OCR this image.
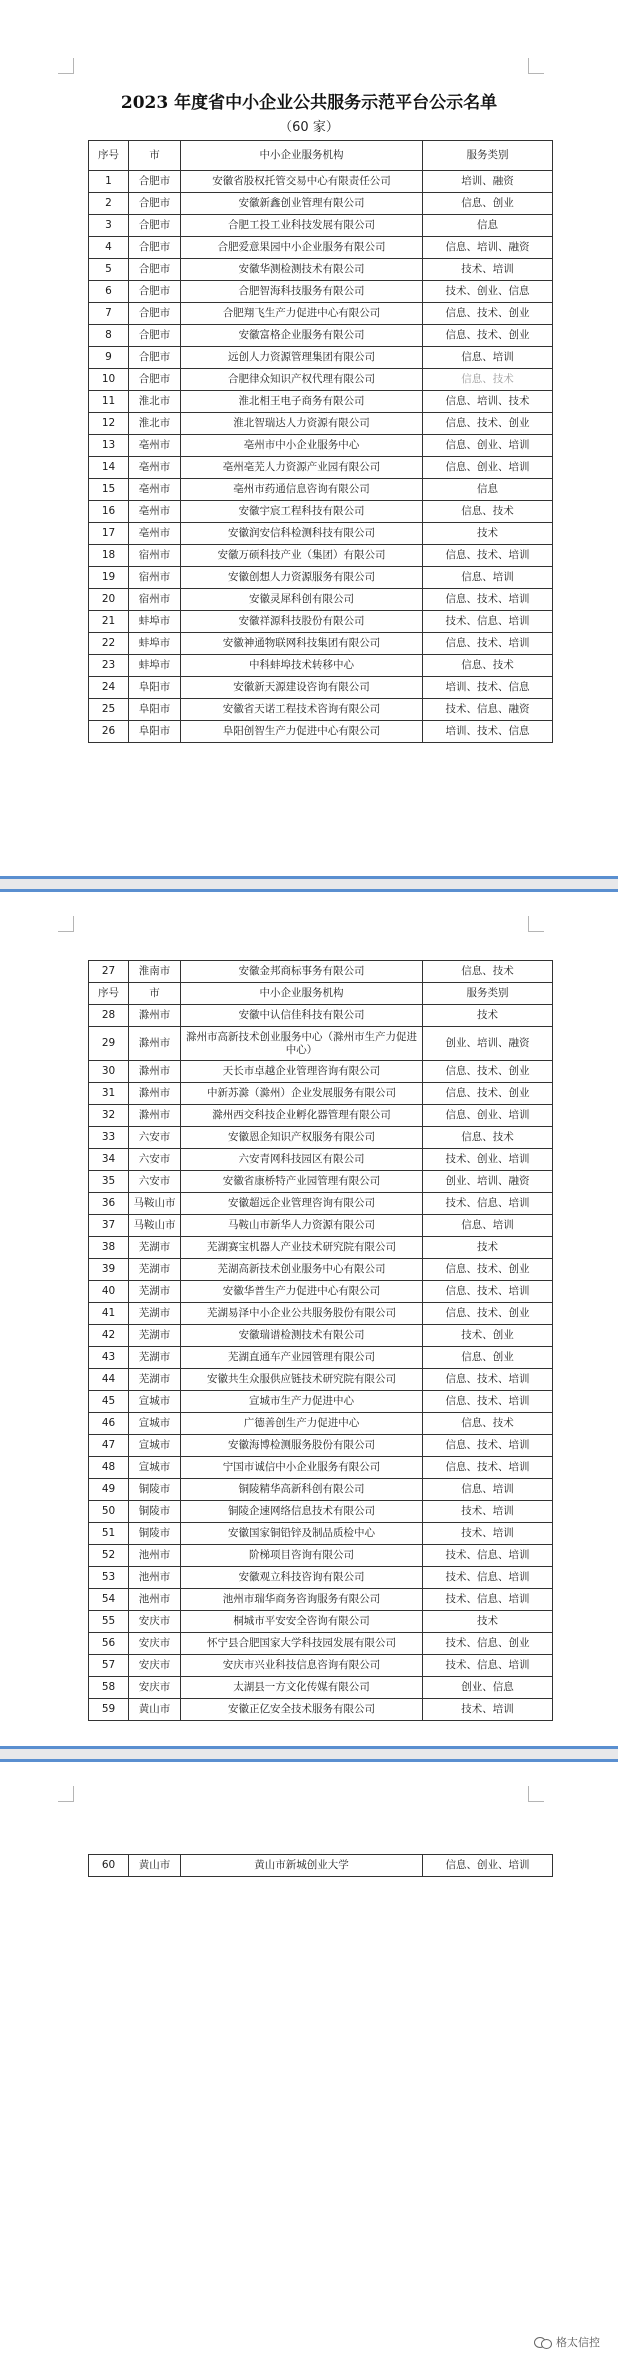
2023 年度省中小企业公共服务示范平台公示名单
（60 家）
序号	市	中小企业服务机构	服务类别
1	合肥市	安徽省股权托管交易中心有限责任公司	培训、融资
2	合肥市	安徽新鑫创业管理有限公司	信息、创业
3	合肥市	合肥工投工业科技发展有限公司	信息
4	合肥市	合肥爱意果园中小企业服务有限公司	信息、培训、融资
5	合肥市	安徽华测检测技术有限公司	技术、培训
6	合肥市	合肥智海科技服务有限公司	技术、创业、信息
7	合肥市	合肥翔飞生产力促进中心有限公司	信息、技术、创业
8	合肥市	安徽富格企业服务有限公司	信息、技术、创业
9	合肥市	远创人力资源管理集团有限公司	信息、培训
10	合肥市	合肥律众知识产权代理有限公司	信息、技术
11	淮北市	淮北相王电子商务有限公司	信息、培训、技术
12	淮北市	淮北智瑞达人力资源有限公司	信息、技术、创业
13	亳州市	亳州市中小企业服务中心	信息、创业、培训
14	亳州市	亳州亳芜人力资源产业园有限公司	信息、创业、培训
15	亳州市	亳州市药通信息咨询有限公司	信息
16	亳州市	安徽宇宸工程科技有限公司	信息、技术
17	亳州市	安徽润安信科检测科技有限公司	技术
18	宿州市	安徽万硕科技产业（集团）有限公司	信息、技术、培训
19	宿州市	安徽创想人力资源服务有限公司	信息、培训
20	宿州市	安徽灵犀科创有限公司	信息、技术、培训
21	蚌埠市	安徽祥源科技股份有限公司	技术、信息、培训
22	蚌埠市	安徽神通物联网科技集团有限公司	信息、技术、培训
23	蚌埠市	中科蚌埠技术转移中心	信息、技术
24	阜阳市	安徽新天源建设咨询有限公司	培训、技术、信息
25	阜阳市	安徽省天诺工程技术咨询有限公司	技术、信息、融资
26	阜阳市	阜阳创智生产力促进中心有限公司	培训、技术、信息
27	淮南市	安徽金邦商标事务有限公司	信息、技术
序号	市	中小企业服务机构	服务类别
28	滁州市	安徽中认信佳科技有限公司	技术
29	滁州市	滁州市高新技术创业服务中心（滁州市生产力促进中心）	创业、培训、融资
30	滁州市	天长市卓越企业管理咨询有限公司	信息、技术、创业
31	滁州市	中新苏滁（滁州）企业发展服务有限公司	信息、技术、创业
32	滁州市	滁州西交科技企业孵化器管理有限公司	信息、创业、培训
33	六安市	安徽恩企知识产权服务有限公司	信息、技术
34	六安市	六安青网科技园区有限公司	技术、创业、培训
35	六安市	安徽省康桥特产业园管理有限公司	创业、培训、融资
36	马鞍山市	安徽超远企业管理咨询有限公司	技术、信息、培训
37	马鞍山市	马鞍山市新华人力资源有限公司	信息、培训
38	芜湖市	芜湖赛宝机器人产业技术研究院有限公司	技术
39	芜湖市	芜湖高新技术创业服务中心有限公司	信息、技术、创业
40	芜湖市	安徽华普生产力促进中心有限公司	信息、技术、培训
41	芜湖市	芜湖易泽中小企业公共服务股份有限公司	信息、技术、创业
42	芜湖市	安徽瑞谱检测技术有限公司	技术、创业
43	芜湖市	芜湖直通车产业园管理有限公司	信息、创业
44	芜湖市	安徽共生众服供应链技术研究院有限公司	信息、技术、培训
45	宣城市	宣城市生产力促进中心	信息、技术、培训
46	宣城市	广德善创生产力促进中心	信息、技术
47	宣城市	安徽海博检测服务股份有限公司	信息、技术、培训
48	宣城市	宁国市诚信中小企业服务有限公司	信息、技术、培训
49	铜陵市	铜陵精华高新科创有限公司	信息、培训
50	铜陵市	铜陵企速网络信息技术有限公司	技术、培训
51	铜陵市	安徽国家铜铅锌及制品质检中心	技术、培训
52	池州市	阶梯项目咨询有限公司	技术、信息、培训
53	池州市	安徽观立科技咨询有限公司	技术、信息、培训
54	池州市	池州市瑞华商务咨询服务有限公司	技术、信息、培训
55	安庆市	桐城市平安安全咨询有限公司	技术
56	安庆市	怀宁县合肥国家大学科技园发展有限公司	技术、信息、创业
57	安庆市	安庆市兴业科技信息咨询有限公司	技术、信息、培训
58	安庆市	太湖县一方文化传媒有限公司	创业、信息
59	黄山市	安徽正亿安全技术服务有限公司	技术、培训
60	黄山市	黄山市新城创业大学	信息、创业、培训
格太信控
